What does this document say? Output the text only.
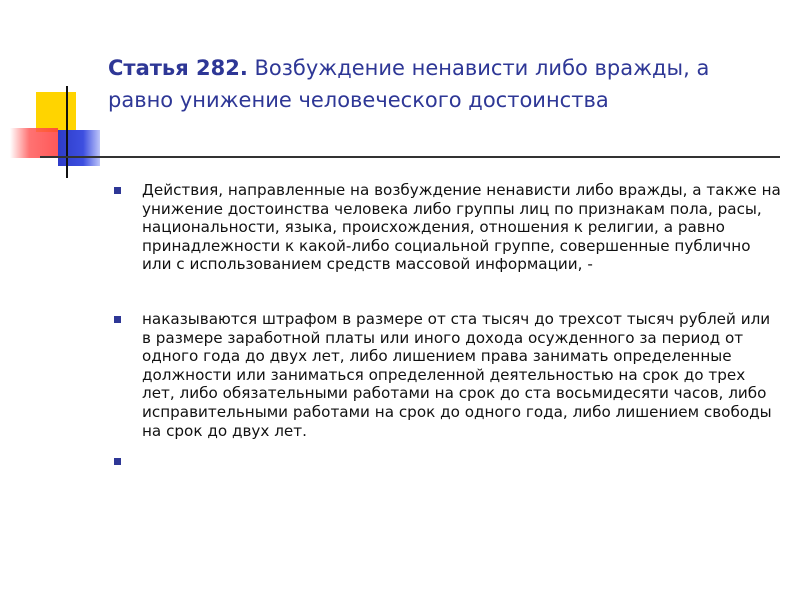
Статья 282. Возбуждение ненависти либо вражды, а равно унижение человеческого достоинства
Действия, направленные на возбуждение ненависти либо вражды, а также на унижение достоинства человека либо группы лиц по признакам пола, расы, национальности, языка, происхождения, отношения к религии, а равно принадлежности к какой-либо социальной группе, совершенные публично или с использованием средств массовой информации, -
наказываются штрафом в размере от ста тысяч до трехсот тысяч рублей или в размере заработной платы или иного дохода осужденного за период от одного года до двух лет, либо лишением права занимать определенные должности или заниматься определенной деятельностью на срок до трех лет, либо обязательными работами на срок до ста восьмидесяти часов, либо исправительными работами на срок до одного года, либо лишением свободы на срок до двух лет.
